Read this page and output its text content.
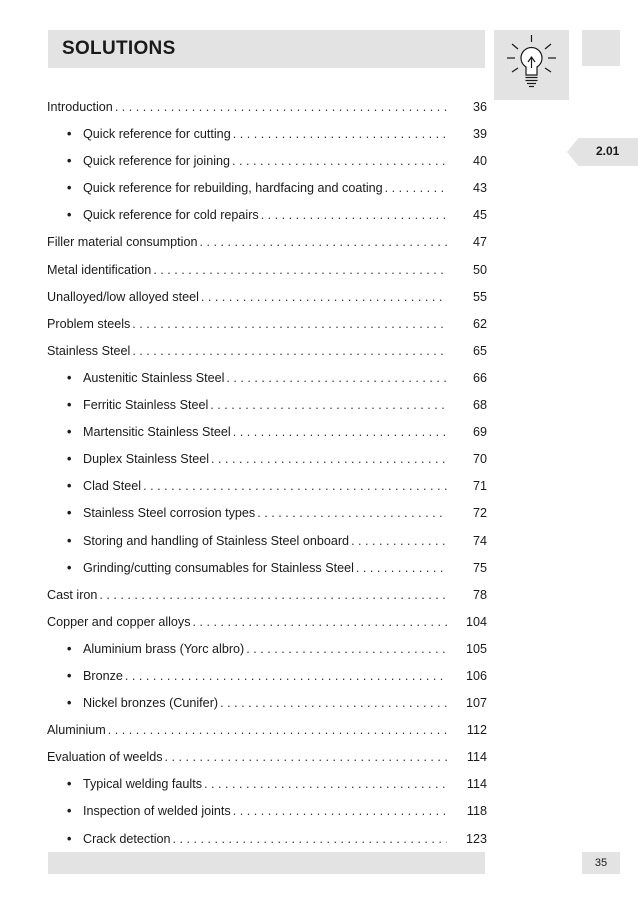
SOLUTIONS
2.01
Introduction . . .	36
• Quick reference for cutting . . .	39
• Quick reference for joining . . .	40
• Quick reference for rebuilding, hardfacing and coating . . .	43
• Quick reference for cold repairs . . .	45
Filler material consumption . . .	47
Metal identification . . .	50
Unalloyed/low alloyed steel . . .	55
Problem steels . . .	62
Stainless Steel . . .	65
• Austenitic Stainless Steel . . .	66
• Ferritic Stainless Steel . . .	68
• Martensitic Stainless Steel . . .	69
• Duplex Stainless Steel . . .	70
• Clad Steel . . .	71
• Stainless Steel corrosion types . . .	72
• Storing and handling of Stainless Steel onboard . . .	74
• Grinding/cutting consumables for Stainless Steel . . .	75
Cast iron . . .	78
Copper and copper alloys . . .	104
• Aluminium brass (Yorc albro) . . .	105
• Bronze . . .	106
• Nickel bronzes (Cunifer) . . .	107
Aluminium . . .	112
Evaluation of weelds . . .	114
• Typical welding faults . . .	114
• Inspection of welded joints . . .	118
• Crack detection . . .	123
35
